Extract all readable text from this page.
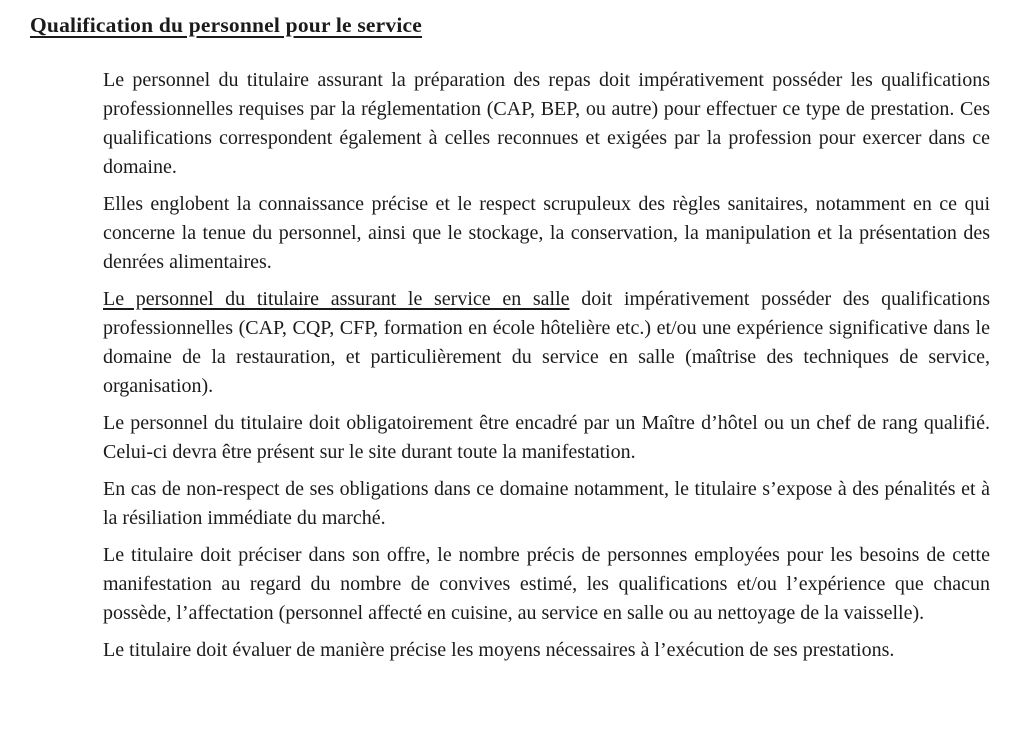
Qualification du personnel pour le service

Le personnel du titulaire assurant la préparation des repas doit impérativement posséder les qualifications professionnelles requises par la réglementation (CAP, BEP, ou autre) pour effectuer ce type de prestation. Ces qualifications correspondent également à celles reconnues et exigées par la profession pour exercer dans ce domaine.

Elles englobent la connaissance précise et le respect scrupuleux des règles sanitaires, notamment en ce qui concerne la tenue du personnel, ainsi que le stockage, la conservation, la manipulation et la présentation des denrées alimentaires.

Le personnel du titulaire assurant le service en salle doit impérativement posséder des qualifications professionnelles (CAP, CQP, CFP, formation en école hôtelière etc.) et/ou une expérience significative dans le domaine de la restauration, et particulièrement du service en salle (maîtrise des techniques de service, organisation).

Le personnel du titulaire doit obligatoirement être encadré par un Maître d’hôtel ou un chef de rang qualifié. Celui-ci devra être présent sur le site durant toute la manifestation.

En cas de non-respect de ses obligations dans ce domaine notamment, le titulaire s’expose à des pénalités et à la résiliation immédiate du marché.

Le titulaire doit préciser dans son offre, le nombre précis de personnes employées pour les besoins de cette manifestation au regard du nombre de convives estimé, les qualifications et/ou l’expérience que chacun possède, l’affectation (personnel affecté en cuisine, au service en salle ou au nettoyage de la vaisselle).

Le titulaire doit évaluer de manière précise les moyens nécessaires à l’exécution de ses prestations.
